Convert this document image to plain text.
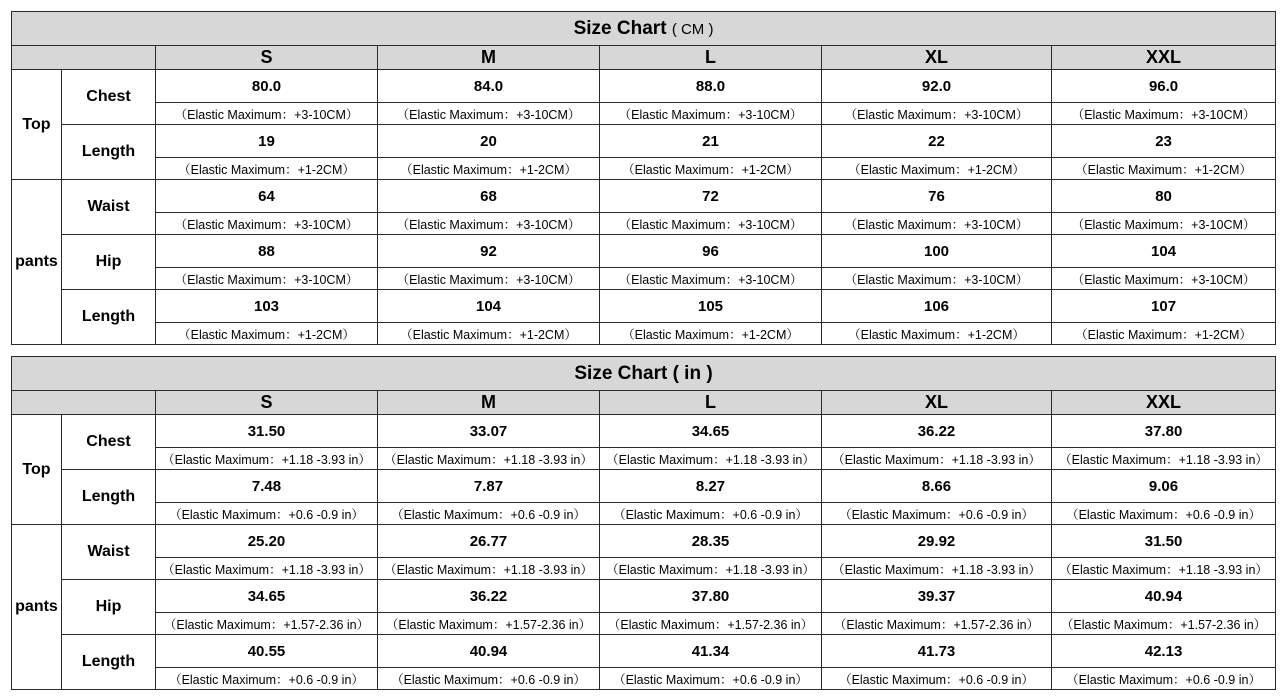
Size Chart ( CM )						
		S	M	L	XL	XXL
Top	Chest	80.0	84.0	88.0	92.0	96.0
		（Elastic Maximum：+3-10CM）	（Elastic Maximum：+3-10CM）	（Elastic Maximum：+3-10CM）	（Elastic Maximum：+3-10CM）	（Elastic Maximum：+3-10CM）
	Length	19	20	21	22	23
		（Elastic Maximum：+1-2CM）	（Elastic Maximum：+1-2CM）	（Elastic Maximum：+1-2CM）	（Elastic Maximum：+1-2CM）	（Elastic Maximum：+1-2CM）
pants	Waist	64	68	72	76	80
		（Elastic Maximum：+3-10CM）	（Elastic Maximum：+3-10CM）	（Elastic Maximum：+3-10CM）	（Elastic Maximum：+3-10CM）	（Elastic Maximum：+3-10CM）
	Hip	88	92	96	100	104
		（Elastic Maximum：+3-10CM）	（Elastic Maximum：+3-10CM）	（Elastic Maximum：+3-10CM）	（Elastic Maximum：+3-10CM）	（Elastic Maximum：+3-10CM）
	Length	103	104	105	106	107
		（Elastic Maximum：+1-2CM）	（Elastic Maximum：+1-2CM）	（Elastic Maximum：+1-2CM）	（Elastic Maximum：+1-2CM）	（Elastic Maximum：+1-2CM）
Size Chart ( in )						
		S	M	L	XL	XXL
Top	Chest	31.50	33.07	34.65	36.22	37.80
		（Elastic Maximum：+1.18 -3.93 in）	（Elastic Maximum：+1.18 -3.93 in）	（Elastic Maximum：+1.18 -3.93 in）	（Elastic Maximum：+1.18 -3.93 in）	（Elastic Maximum：+1.18 -3.93 in）
	Length	7.48	7.87	8.27	8.66	9.06
		（Elastic Maximum：+0.6 -0.9 in）	（Elastic Maximum：+0.6 -0.9 in）	（Elastic Maximum：+0.6 -0.9 in）	（Elastic Maximum：+0.6 -0.9 in）	（Elastic Maximum：+0.6 -0.9 in）
pants	Waist	25.20	26.77	28.35	29.92	31.50
		（Elastic Maximum：+1.18 -3.93 in）	（Elastic Maximum：+1.18 -3.93 in）	（Elastic Maximum：+1.18 -3.93 in）	（Elastic Maximum：+1.18 -3.93 in）	（Elastic Maximum：+1.18 -3.93 in）
	Hip	34.65	36.22	37.80	39.37	40.94
		（Elastic Maximum：+1.57-2.36 in）	（Elastic Maximum：+1.57-2.36 in）	（Elastic Maximum：+1.57-2.36 in）	（Elastic Maximum：+1.57-2.36 in）	（Elastic Maximum：+1.57-2.36 in）
	Length	40.55	40.94	41.34	41.73	42.13
		（Elastic Maximum：+0.6 -0.9 in）	（Elastic Maximum：+0.6 -0.9 in）	（Elastic Maximum：+0.6 -0.9 in）	（Elastic Maximum：+0.6 -0.9 in）	（Elastic Maximum：+0.6 -0.9 in）
